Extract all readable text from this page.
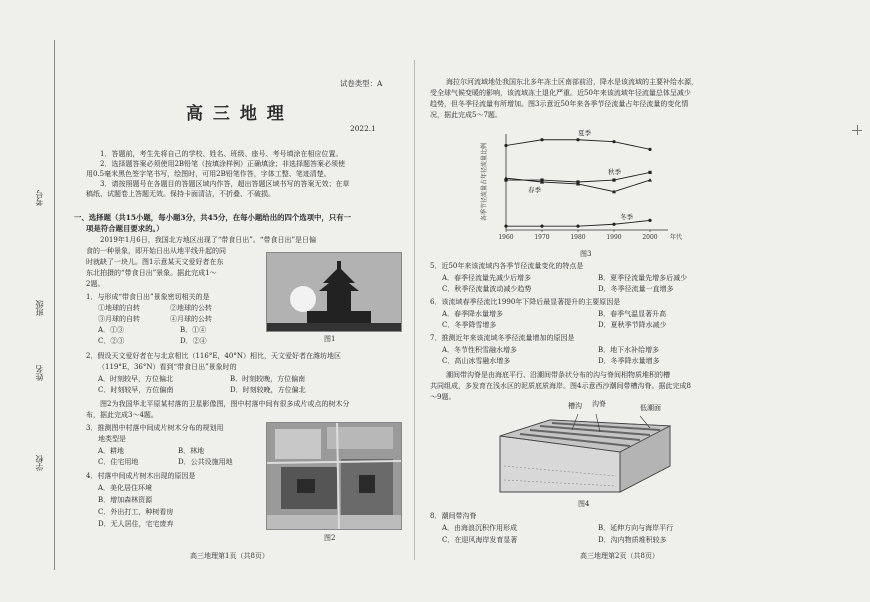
考号
班级
姓名
学校
试卷类型：A
高 三 地 理
2022.1
1．答题前，考生先将自己的学校、姓名、班级、座号、考号填涂在相应位置。
2．选择题答案必须使用2B铅笔（按填涂样例）正确填涂；非选择题答案必须使
用0.5毫米黑色签字笔书写，绘图时，可用2B铅笔作答，字体工整、笔迹清楚。
3．请按照题号在各题目的答题区域内作答，超出答题区域书写的答案无效；在草
稿纸、试题卷上答题无效。保持卡面清洁，不折叠、不破损。
一、选择题（共15小题，每小题3分，共45分，在每小题给出的四个选项中，只有一
项是符合题目要求的。）
2019年1月6日，我国北方地区出现了“带食日出”。“带食日出”是日偏
食的一种景象，即开始日出从地平线升起的同
时就缺了一块儿。图1示意某天文爱好者在东
东北拍摄的“带食日出”景象。据此完成1～
2题。
图1
1．与形成“带食日出”景象密切相关的是
①地球的自转	②地球的公转
③月球的自转	④月球的公转
A．①③	B．①④
C．②③	D．②④
2．假设天文爱好者在与北京相比（116°E，40°N）相比，天文爱好者在潍坊地区
（119°E，36°N）看到“带食日出”景象时的
A．时刻较早，方位偏北	B．时刻较晚，方位偏南
C．时刻较早，方位偏南	D．时刻较晚，方位偏北
图2为我国华北平原某村落的卫星影像图，图中村落中间有很多成片或点的树木分
布，据此完成3～4题。
图2
3．推测图中村落中间成片树木分布的规划用
地类型是
A．耕地	B．林地
C．住宅用地	D．公共设施用地
4．村落中间成片树木出现的原因是
A．美化居住环境
B．增加森林资源
C．外出打工，种树看房
D．无人居住，宅宅废弃
高三地理第1页（共8页）
海拉尔河流域地处我国东北多年冻土区南部前沿，降水是该流域的主要补给水源，
受全球气候变暖的影响，该流域冻土退化严重。近50年来该流域年径流量总体呈减少
趋势，但冬季径流量有所增加。图3示意近50年来各季节径流量占年径流量的变化情
况，据此完成5～7题。
1960	1970	1980	1990	2000 年代
各季节径流量占年径流量比例
夏季
秋季
春季
冬季
图3
5．近50年来该流域内各季节径流量变化的特点是
A．春季径流量先减少后增多	B．夏季径流量先增多后减少
C．秋季径流量波动减少趋势	D．冬季径流量一直增多
6．该流域春季径流比1990年下降后最显著提升的主要原因是
A．春季降水量增多	B．春季气温显著升高
C．冬季降雪增多	D．夏秋季节降水减少
7．推测近年来该流域冬季径流量增加的原因是
A．冬节性积雪融水增多	B．地下水补给增多
C．高山冰雪融水增多	D．冬季降水量增多
潮间带沟脊是由海底平行、沿潮间带条状分布的沟与脊间相物质堆积的槽
共同组成，多发育在浅水区的泥质底质海岸。图4示意西沙潮间带槽沟脊。据此完成8
～9题。
槽沟 沟脊	低潮面
图4
8．潮间带沟脊
A．由海浪沉积作用形成	B．延伸方向与海岸平行
C．在迎风海岸发育显著	D．沟内物质堆积较多
高三地理第2页（共8页）
